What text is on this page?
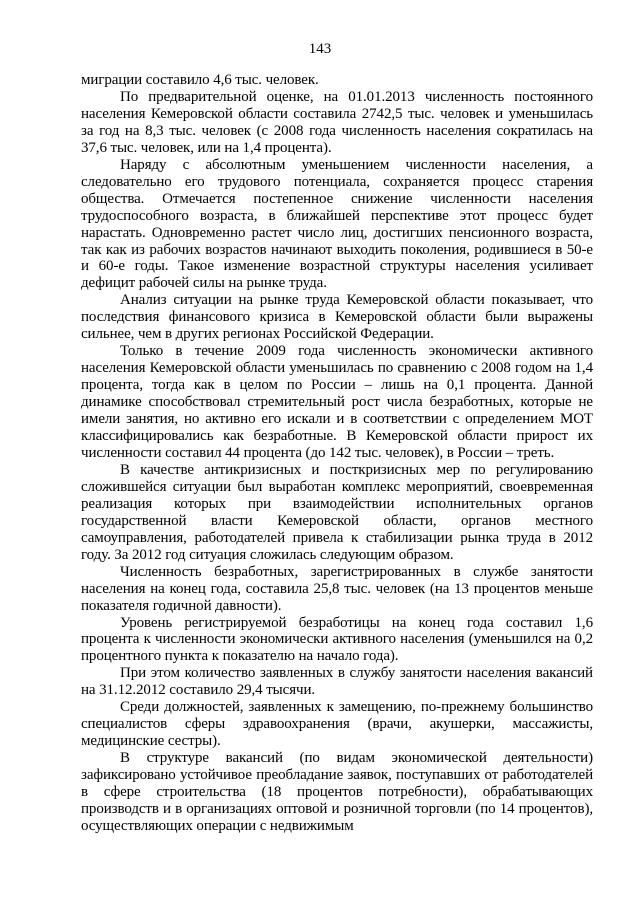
143

миграции составило 4,6 тыс. человек.

По предварительной оценке, на 01.01.2013 численность постоянного населения Кемеровской области составила 2742,5 тыс. человек и уменьшилась за год на 8,3 тыс. человек (с 2008 года численность населения сократилась на 37,6 тыс. человек, или на 1,4 процента).

Наряду с абсолютным уменьшением численности населения, а следовательно его трудового потенциала, сохраняется процесс старения общества. Отмечается постепенное снижение численности населения трудоспособного возраста, в ближайшей перспективе этот процесс будет нарастать. Одновременно растет число лиц, достигших пенсионного возраста, так как из рабочих возрастов начинают выходить поколения, родившиеся в 50-е и 60-е годы. Такое изменение возрастной структуры населения усиливает дефицит рабочей силы на рынке труда.

Анализ ситуации на рынке труда Кемеровской области показывает, что последствия финансового кризиса в Кемеровской области были выражены сильнее, чем в других регионах Российской Федерации.

Только в течение 2009 года численность экономически активного населения Кемеровской области уменьшилась по сравнению с 2008 годом на 1,4 процента, тогда как в целом по России – лишь на 0,1 процента. Данной динамике способствовал стремительный рост числа безработных, которые не имели занятия, но активно его искали и в соответствии с определением МОТ классифицировались как безработные. В Кемеровской области прирост их численности составил 44 процента (до 142 тыс. человек), в России – треть.

В качестве антикризисных и посткризисных мер по регулированию сложившейся ситуации был выработан комплекс мероприятий, своевременная реализация которых при взаимодействии исполнительных органов государственной власти Кемеровской области, органов местного самоуправления, работодателей привела к стабилизации рынка труда в 2012 году. За 2012 год ситуация сложилась следующим образом.

Численность безработных, зарегистрированных в службе занятости населения на конец года, составила 25,8 тыс. человек (на 13 процентов меньше показателя годичной давности).

Уровень регистрируемой безработицы на конец года составил 1,6 процента к численности экономически активного населения (уменьшился на 0,2 процентного пункта к показателю на начало года).

При этом количество заявленных в службу занятости населения вакансий на 31.12.2012 составило 29,4 тысячи.

Среди должностей, заявленных к замещению, по-прежнему большинство специалистов сферы здравоохранения (врачи, акушерки, массажисты, медицинские сестры).

В структуре вакансий (по видам экономической деятельности) зафиксировано устойчивое преобладание заявок, поступавших от работодателей в сфере строительства (18 процентов потребности), обрабатывающих производств и в организациях оптовой и розничной торговли (по 14 процентов), осуществляющих операции с недвижимым
